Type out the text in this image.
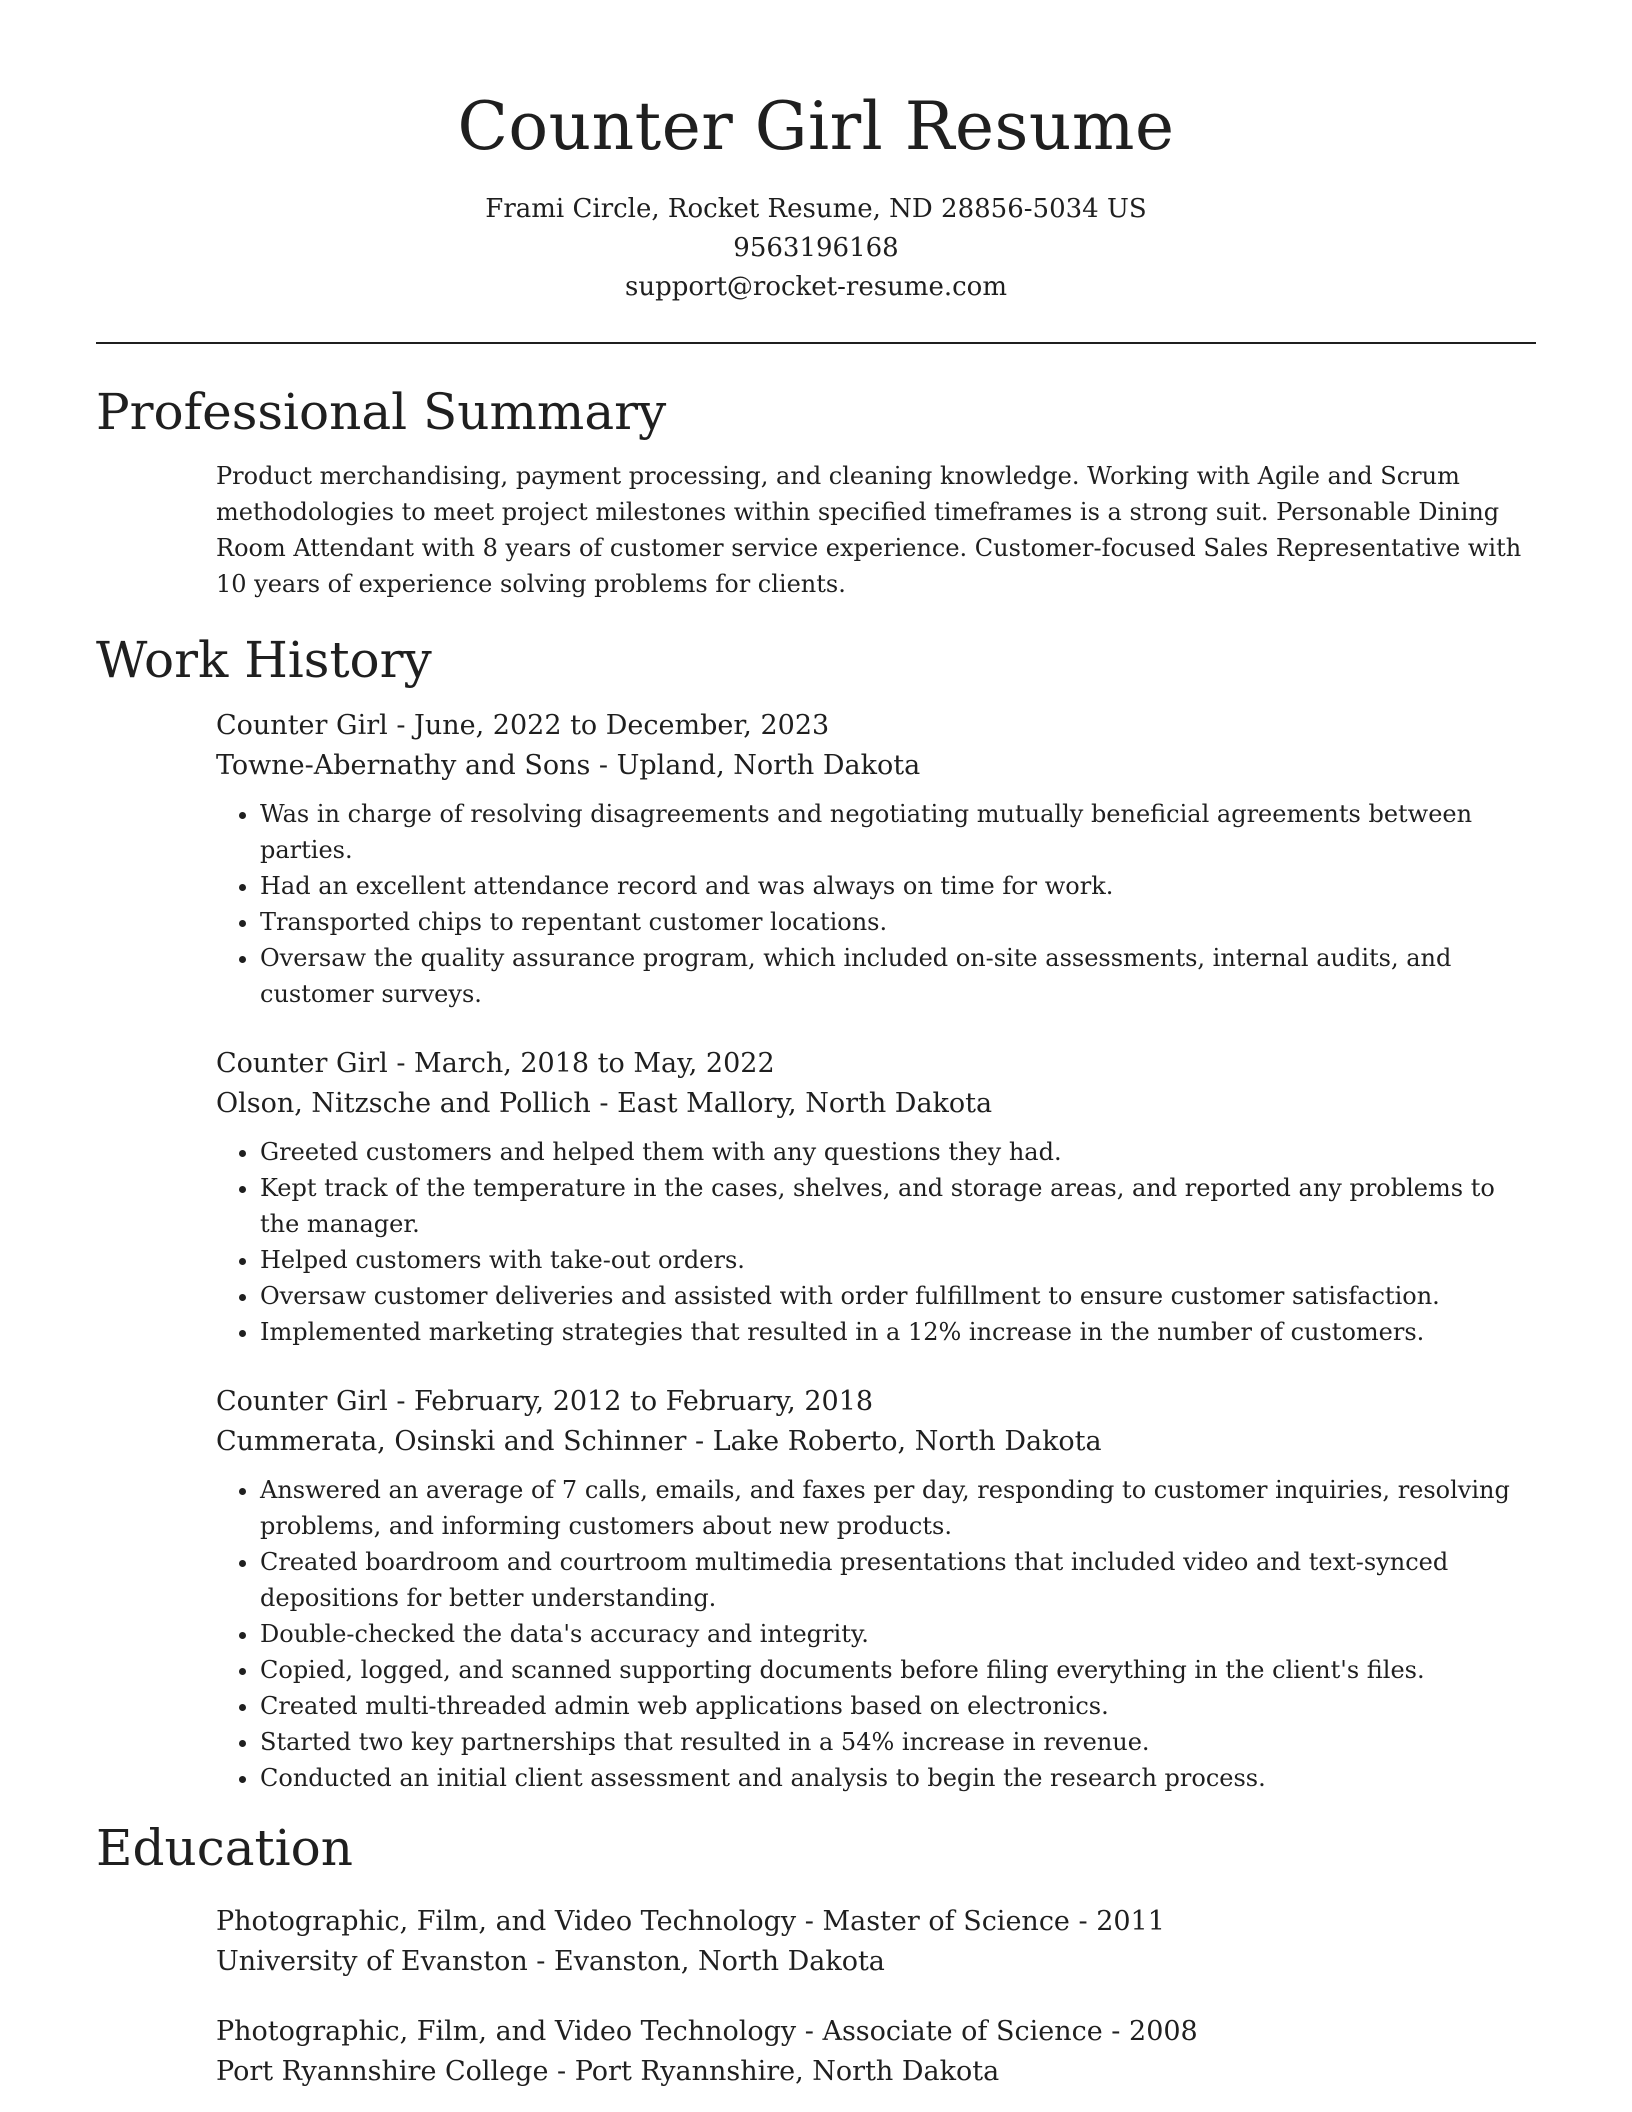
Counter Girl Resume

Frami Circle, Rocket Resume, ND 28856-5034 US

9563196168

support@rocket-resume.com

Professional Summary

Product merchandising, payment processing, and cleaning knowledge. Working with Agile and Scrum methodologies to meet project milestones within specified timeframes is a strong suit. Personable Dining Room Attendant with 8 years of customer service experience. Customer-focused Sales Representative with 10 years of experience solving problems for clients.

Work History

Counter Girl - June, 2022 to December, 2023

Towne-Abernathy and Sons - Upland, North Dakota

• Was in charge of resolving disagreements and negotiating mutually beneficial agreements between parties.
• Had an excellent attendance record and was always on time for work.
• Transported chips to repentant customer locations.
• Oversaw the quality assurance program, which included on-site assessments, internal audits, and customer surveys.

Counter Girl - March, 2018 to May, 2022

Olson, Nitzsche and Pollich - East Mallory, North Dakota

• Greeted customers and helped them with any questions they had.
• Kept track of the temperature in the cases, shelves, and storage areas, and reported any problems to the manager.
• Helped customers with take-out orders.
• Oversaw customer deliveries and assisted with order fulfillment to ensure customer satisfaction.
• Implemented marketing strategies that resulted in a 12% increase in the number of customers.

Counter Girl - February, 2012 to February, 2018

Cummerata, Osinski and Schinner - Lake Roberto, North Dakota

• Answered an average of 7 calls, emails, and faxes per day, responding to customer inquiries, resolving problems, and informing customers about new products.
• Created boardroom and courtroom multimedia presentations that included video and text-synced depositions for better understanding.
• Double-checked the data's accuracy and integrity.
• Copied, logged, and scanned supporting documents before filing everything in the client's files.
• Created multi-threaded admin web applications based on electronics.
• Started two key partnerships that resulted in a 54% increase in revenue.
• Conducted an initial client assessment and analysis to begin the research process.
Education

Photographic, Film, and Video Technology - Master of Science - 2011

University of Evanston - Evanston, North Dakota

Photographic, Film, and Video Technology - Associate of Science - 2008

Port Ryannshire College - Port Ryannshire, North Dakota
